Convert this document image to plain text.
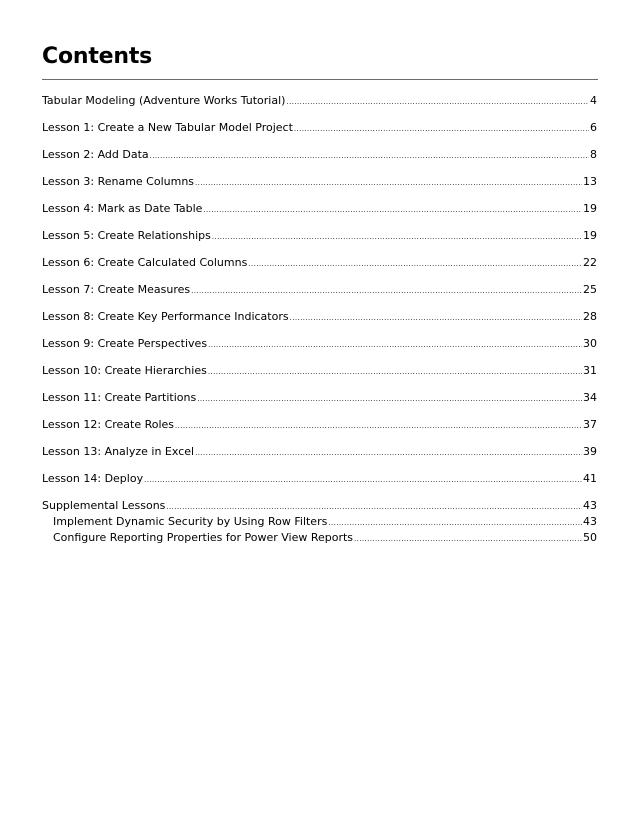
Contents
Tabular Modeling (Adventure Works Tutorial) .....	4
Lesson 1: Create a New Tabular Model Project .....	6
Lesson 2: Add Data .....	8
Lesson 3: Rename Columns .....	13
Lesson 4: Mark as Date Table .....	19
Lesson 5: Create Relationships .....	19
Lesson 6: Create Calculated Columns .....	22
Lesson 7: Create Measures .....	25
Lesson 8: Create Key Performance Indicators .....	28
Lesson 9: Create Perspectives .....	30
Lesson 10: Create Hierarchies .....	31
Lesson 11: Create Partitions .....	34
Lesson 12: Create Roles .....	37
Lesson 13: Analyze in Excel .....	39
Lesson 14: Deploy .....	41
Supplemental Lessons .....	43
Implement Dynamic Security by Using Row Filters .....	43
Configure Reporting Properties for Power View Reports .....	50
